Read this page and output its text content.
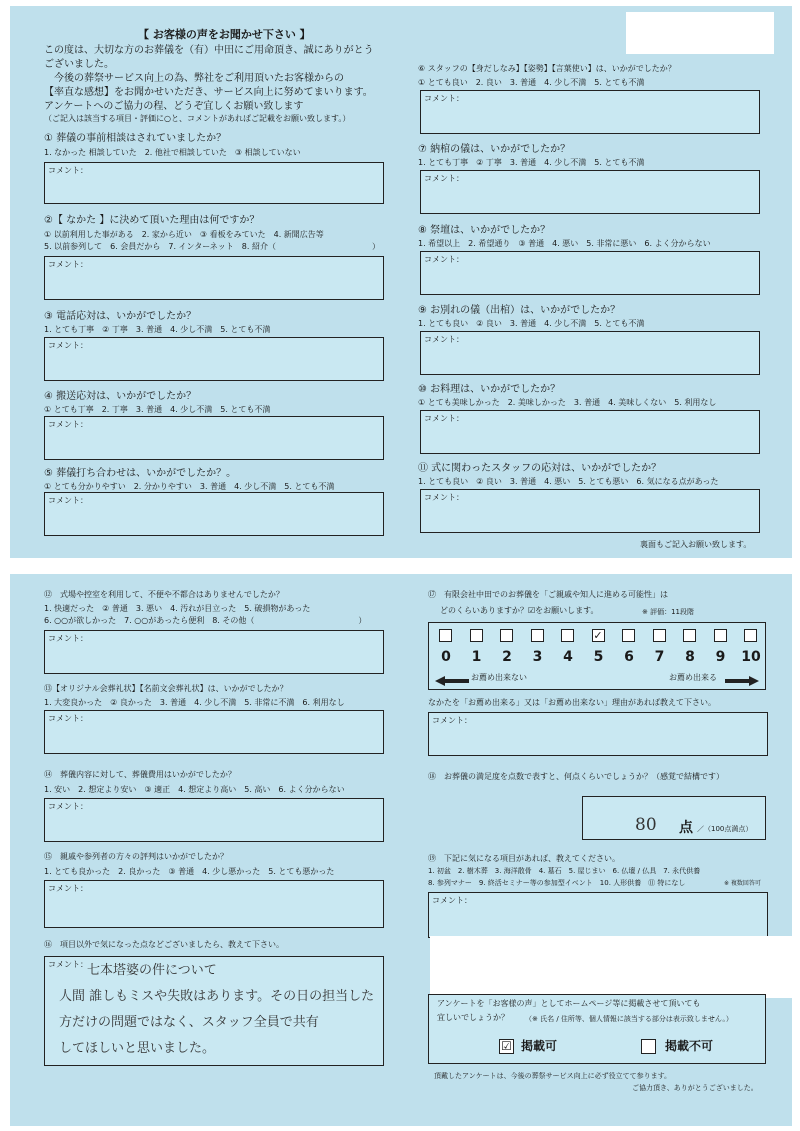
【 お客様の声をお聞かせ下さい 】
この度は、大切な方のお葬儀を（有）中田にご用命頂き、誠にありがとう
ございました。
　今後の葬祭サービス向上の為、弊社をご利用頂いたお客様からの
【率直な感想】をお聞かせいただき、サービス向上に努めてまいります。
アンケートへのご協力の程、どうぞ宜しくお願い致します
（ご記入は該当する項目・評価に○と、コメントがあればご記載をお願い致します。）
① 葬儀の事前相談はされていましたか？
1. なかった 相談していた　2. 他社で相談していた　③ 相談していない
コメント：
②【 なかた 】に決めて頂いた理由は何ですか？
① 以前利用した事がある　2. 家から近い　③ 看板をみていた　4. 新聞広告等
5. 以前参列して　6. 会員だから　7. インターネット　8. 紹介（　　　　　　　　　　　　）
コメント：
③ 電話応対は、いかがでしたか？
1. とても丁寧　② 丁寧　3. 普通　4. 少し不満　5. とても不満
コメント：
④ 搬送応対は、いかがでしたか？
① とても丁寧　2. 丁寧　3. 普通　4. 少し不満　5. とても不満
コメント：
⑤ 葬儀打ち合わせは、いかがでしたか？。
① とても分かりやすい　2. 分かりやすい　3. 普通　4. 少し不満　5. とても不満
コメント：
⑥ スタッフの【身だしなみ】【姿勢】【言葉使い】は、いかがでしたか？
① とても良い　2. 良い　3. 普通　4. 少し不満　5. とても不満
コメント：
⑦ 納棺の儀は、いかがでしたか？
1. とても丁寧　② 丁寧　3. 普通　4. 少し不満　5. とても不満
コメント：
⑧ 祭壇は、いかがでしたか？
1. 希望以上　2. 希望通り　③ 普通　4. 悪い　5. 非常に悪い　6. よく分からない
コメント：
⑨ お別れの儀（出棺）は、いかがでしたか？
1. とても良い　② 良い　3. 普通　4. 少し不満　5. とても不満
コメント：
⑩ お料理は、いかがでしたか？
① とても美味しかった　2. 美味しかった　3. 普通　4. 美味しくない　5. 利用なし
コメント：
⑪ 式に関わったスタッフの応対は、いかがでしたか？
1. とても良い　② 良い　3. 普通　4. 悪い　5. とても悪い　6. 気になる点があった
コメント：
裏面もご記入お願い致します。
⑫　式場や控室を利用して、不便や不都合はありませんでしたか？
1. 快適だった　② 普通　3. 悪い　4. 汚れが目立った　5. 破損物があった
6. ○○が欲しかった　7. ○○があったら便利　8. その他（　　　　　　　　　　　　　）
コメント：
⑬【オリジナル会葬礼状】【名前文会葬礼状】は、いかがでしたか？
1. 大変良かった　② 良かった　3. 普通　4. 少し不満　5. 非常に不満　6. 利用なし
コメント：
⑭　葬儀内容に対して、葬儀費用はいかがでしたか？
1. 安い　2. 想定より安い　③ 適正　4. 想定より高い　5. 高い　6. よく分からない
コメント：
⑮　親戚や参列者の方々の評判はいかがでしたか？
1. とても良かった　2. 良かった　③ 普通　4. 少し悪かった　5. とても悪かった
コメント：
⑯　項目以外で気になった点などございましたら、教えて下さい。
コメント： 七本塔婆の件について
人間 誰しもミスや失敗はあります。その日の担当した
方だけの問題ではなく、スタッフ全員で共有
してほしいと思いました。
⑰　有限会社中田でのお葬儀を「ご親戚や知人に進める可能性」は
どのくらいありますか？☑をお願いします。	※ 評価：11段階
お薦め出来ない	お薦め出来る
0	1	2	3	4
✓
5	6	7	8	9	10
なかたを「お薦め出来る」又は「お薦め出来ない」理由があれば教えて下さい。
コメント：
⑱　お葬儀の満足度を点数で表すと、何点くらいでしょうか？（感覚で結構です）
80 点 ／（100点満点）
⑲　下記に気になる項目があれば、教えてください。
1. 初盆　2. 樹木葬　3. 海洋散骨　4. 墓石　5. 屋じまい　6. 仏壇 / 仏具　7. 永代供養
8. 参列マナー　9. 終活セミナー等の参加型イベント　10. 人形供養　⑪ 特になし	※ 複数回答可
コメント：
アンケートを「お客様の声」としてホームページ等に掲載させて頂いても
宜しいでしょうか？ （※ 氏名 / 住所等、個人情報に該当する部分は表示致しません。）
☑ 掲載可	掲載不可
頂戴したアンケートは、今後の葬祭サービス向上に必ず役立てて参ります。
ご協力頂き、ありがとうございました。
